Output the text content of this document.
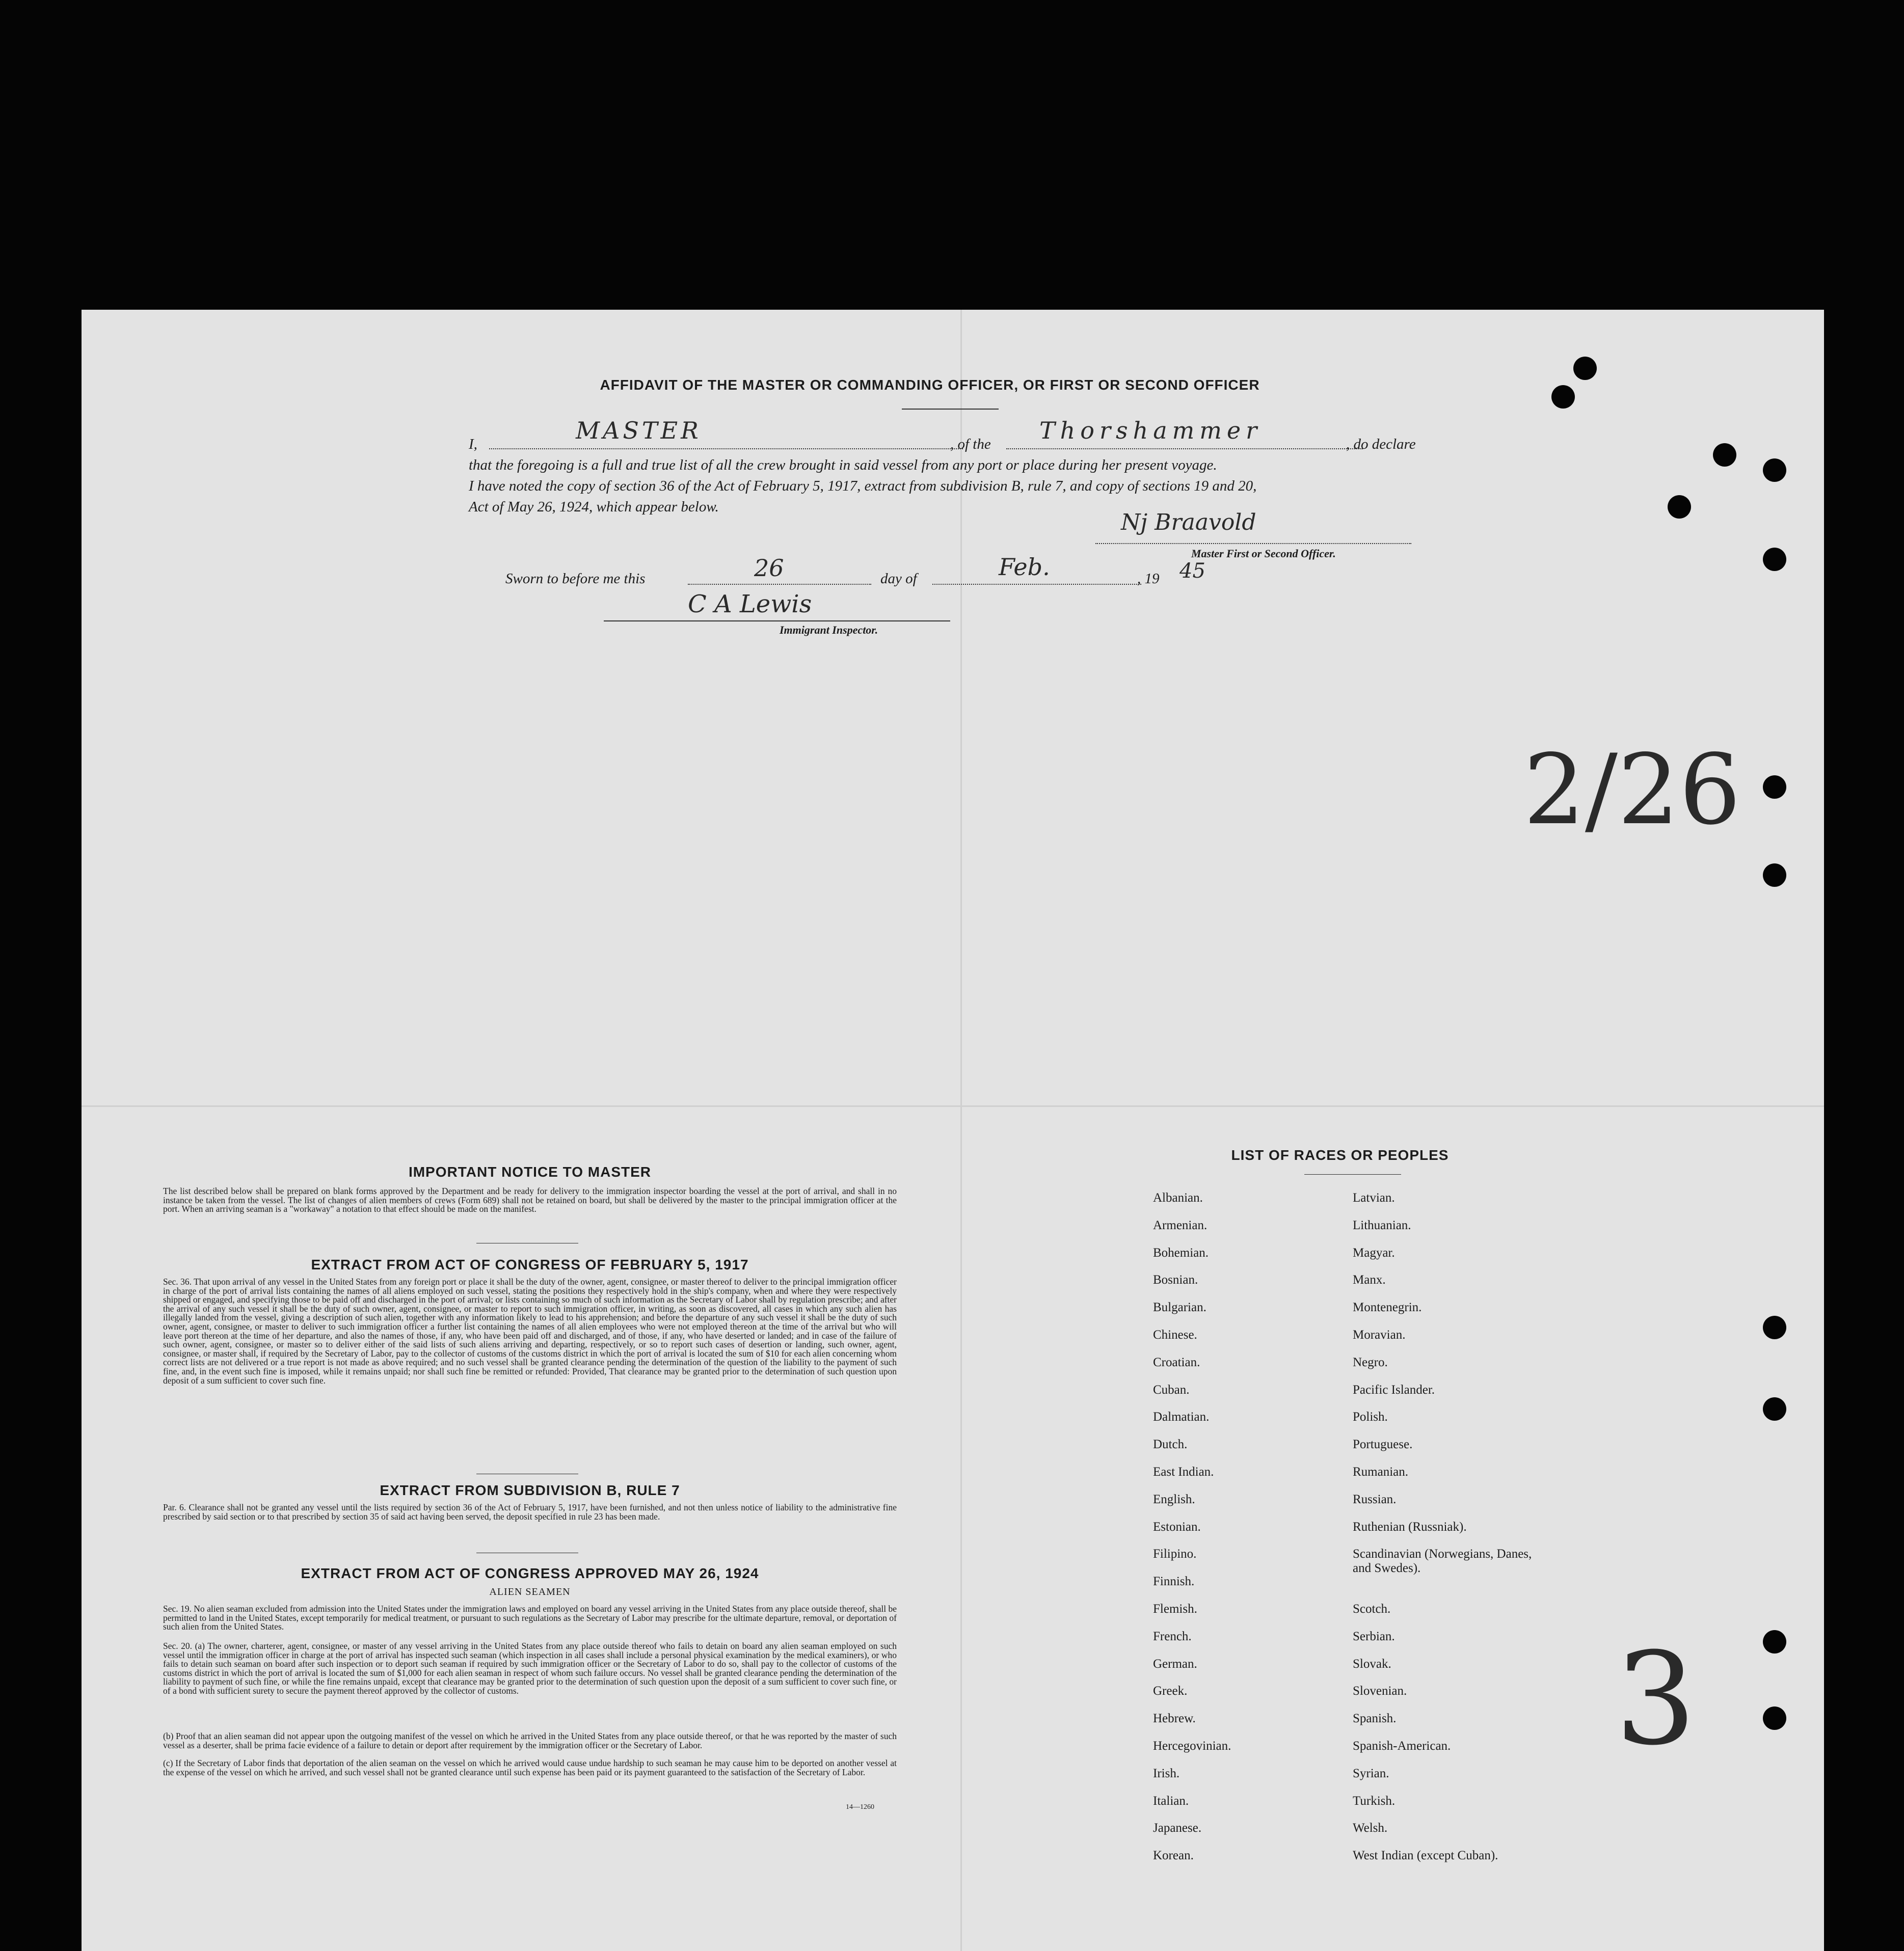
AFFIDAVIT OF THE MASTER OR COMMANDING OFFICER, OR FIRST OR SECOND OFFICER
I,	, of the	, do declare
MASTER	Thorshammer
that the foregoing is a full and true list of all the crew brought in said vessel from any port or place during her present voyage.
I have noted the copy of section 36 of the Act of February 5, 1917, extract from subdivision B, rule 7, and copy of sections 19 and 20,
Act of May 26, 1924, which appear below.
Nj Braavold
Master First or Second Officer.
Sworn to before me this	26	day of	Feb.	, 19 45
C A Lewis
Immigrant Inspector.
2/26
3
IMPORTANT NOTICE TO MASTER
The list described below shall be prepared on blank forms approved by the Department and be ready for delivery to the immigration inspector boarding the vessel at the port of arrival, and shall in no instance be taken from the vessel. The list of changes of alien members of crews (Form 689) shall not be retained on board, but shall be delivered by the master to the principal immigration officer at the port. When an arriving seaman is a "workaway" a notation to that effect should be made on the manifest.
EXTRACT FROM ACT OF CONGRESS OF FEBRUARY 5, 1917
Sec. 36. That upon arrival of any vessel in the United States from any foreign port or place it shall be the duty of the owner, agent, consignee, or master thereof to deliver to the principal immigration officer in charge of the port of arrival lists containing the names of all aliens employed on such vessel, stating the positions they respectively hold in the ship's company, when and where they were respectively shipped or engaged, and specifying those to be paid off and discharged in the port of arrival; or lists containing so much of such information as the Secretary of Labor shall by regulation prescribe; and after the arrival of any such vessel it shall be the duty of such owner, agent, consignee, or master to report to such immigration officer, in writing, as soon as discovered, all cases in which any such alien has illegally landed from the vessel, giving a description of such alien, together with any information likely to lead to his apprehension; and before the departure of any such vessel it shall be the duty of such owner, agent, consignee, or master to deliver to such immigration officer a further list containing the names of all alien employees who were not employed thereon at the time of the arrival but who will leave port thereon at the time of her departure, and also the names of those, if any, who have been paid off and discharged, and of those, if any, who have deserted or landed; and in case of the failure of such owner, agent, consignee, or master so to deliver either of the said lists of such aliens arriving and departing, respectively, or so to report such cases of desertion or landing, such owner, agent, consignee, or master shall, if required by the Secretary of Labor, pay to the collector of customs of the customs district in which the port of arrival is located the sum of $10 for each alien concerning whom correct lists are not delivered or a true report is not made as above required; and no such vessel shall be granted clearance pending the determination of the question of the liability to the payment of such fine, and, in the event such fine is imposed, while it remains unpaid; nor shall such fine be remitted or refunded: Provided, That clearance may be granted prior to the determination of such question upon deposit of a sum sufficient to cover such fine.
EXTRACT FROM SUBDIVISION B, RULE 7
Par. 6. Clearance shall not be granted any vessel until the lists required by section 36 of the Act of February 5, 1917, have been furnished, and not then unless notice of liability to the administrative fine prescribed by said section or to that prescribed by section 35 of said act having been served, the deposit specified in rule 23 has been made.
EXTRACT FROM ACT OF CONGRESS APPROVED MAY 26, 1924
ALIEN SEAMEN
Sec. 19. No alien seaman excluded from admission into the United States under the immigration laws and employed on board any vessel arriving in the United States from any place outside thereof, shall be permitted to land in the United States, except temporarily for medical treatment, or pursuant to such regulations as the Secretary of Labor may prescribe for the ultimate departure, removal, or deportation of such alien from the United States.
Sec. 20. (a) The owner, charterer, agent, consignee, or master of any vessel arriving in the United States from any place outside thereof who fails to detain on board any alien seaman employed on such vessel until the immigration officer in charge at the port of arrival has inspected such seaman (which inspection in all cases shall include a personal physical examination by the medical examiners), or who fails to detain such seaman on board after such inspection or to deport such seaman if required by such immigration officer or the Secretary of Labor to do so, shall pay to the collector of customs of the customs district in which the port of arrival is located the sum of $1,000 for each alien seaman in respect of whom such failure occurs. No vessel shall be granted clearance pending the determination of the liability to payment of such fine, or while the fine remains unpaid, except that clearance may be granted prior to the determination of such question upon the deposit of a sum sufficient to cover such fine, or of a bond with sufficient surety to secure the payment thereof approved by the collector of customs.
(b) Proof that an alien seaman did not appear upon the outgoing manifest of the vessel on which he arrived in the United States from any place outside thereof, or that he was reported by the master of such vessel as a deserter, shall be prima facie evidence of a failure to detain or deport after requirement by the immigration officer or the Secretary of Labor.
(c) If the Secretary of Labor finds that deportation of the alien seaman on the vessel on which he arrived would cause undue hardship to such seaman he may cause him to be deported on another vessel at the expense of the vessel on which he arrived, and such vessel shall not be granted clearance until such expense has been paid or its payment guaranteed to the satisfaction of the Secretary of Labor.
14—1260
LIST OF RACES OR PEOPLES
Albanian.
Armenian.
Bohemian.
Bosnian.
Bulgarian.
Chinese.
Croatian.
Cuban.
Dalmatian.
Dutch.
East Indian.
English.
Estonian.
Filipino.
Finnish.
Flemish.
French.
German.
Greek.
Hebrew.
Hercegovinian.
Irish.
Italian.
Japanese.
Korean.
Latvian.
Lithuanian.
Magyar.
Manx.
Montenegrin.
Moravian.
Negro.
Pacific Islander.
Polish.
Portuguese.
Rumanian.
Russian.
Ruthenian (Russniak).
Scandinavian (Norwegians, Danes, and Swedes).
Scotch.
Serbian.
Slovak.
Slovenian.
Spanish.
Spanish-American.
Syrian.
Turkish.
Welsh.
West Indian (except Cuban).
